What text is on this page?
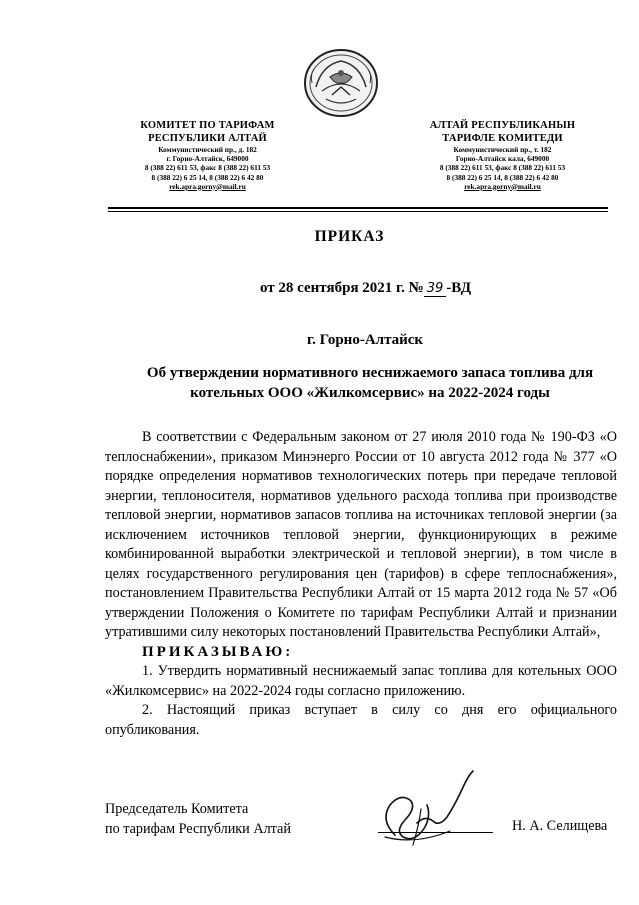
КОМИТЕТ ПО ТАРИФАМ
РЕСПУБЛИКИ АЛТАЙ
Коммунистический пр., д. 182
г. Горно-Алтайск, 649000
8 (388 22) 611 53, факс 8 (388 22) 611 53
8 (388 22) 6 25 14, 8 (388 22) 6 42 80
rek.apra.gorny@mail.ru
АЛТАЙ РЕСПУБЛИКАНЫН
ТАРИФЛЕ КОМИТЕДИ
Коммунистический пр., т. 182
Горно-Алтайск кала, 649000
8 (388 22) 611 53, факс 8 (388 22) 611 53
8 (388 22) 6 25 14, 8 (388 22) 6 42 80
rek.apra.gorny@mail.ru
ПРИКАЗ
от 28 сентября 2021 г. № 39 -ВД
г. Горно-Алтайск
Об утверждении нормативного неснижаемого запаса топлива для
котельных ООО «Жилкомсервис» на 2022-2024 годы

В соответствии с Федеральным законом от 27 июля 2010 года № 190-ФЗ «О теплоснабжении», приказом Минэнерго России от 10 августа 2012 года № 377 «О порядке определения нормативов технологических потерь при передаче тепловой энергии, теплоносителя, нормативов удельного расхода топлива при производстве тепловой энергии, нормативов запасов топлива на источниках тепловой энергии (за исключением источников тепловой энергии, функционирующих в режиме комбинированной выработки электрической и тепловой энергии), в том числе в целях государственного регулирования цен (тарифов) в сфере теплоснабжения», постановлением Правительства Республики Алтай от 15 марта 2012 года № 57 «Об утверждении Положения о Комитете по тарифам Республики Алтай и признании утратившими силу некоторых постановлений Правительства Республики Алтай»,

ПРИКАЗЫВАЮ:

1. Утвердить нормативный неснижаемый запас топлива для котельных ООО «Жилкомсервис» на 2022-2024 годы согласно приложению.

2. Настоящий приказ вступает в силу со дня его официального опубликования.

Председатель Комитета
по тарифам Республики Алтай	Н. А. Селищева
